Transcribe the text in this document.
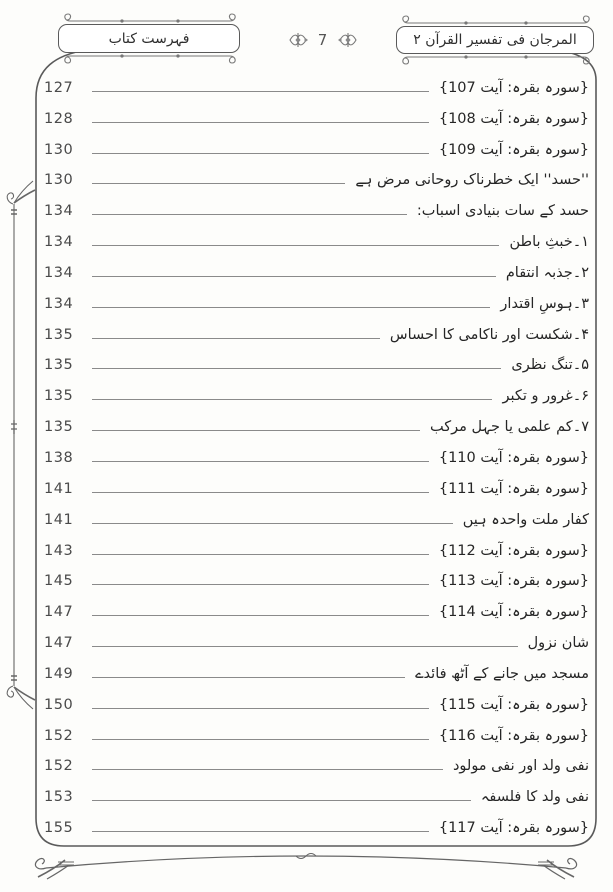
فہرست کتاب	7	المرجان فی تفسیر القرآن ۲
127	{سورہ بقرہ: آیت 107}
128	{سورہ بقرہ: آیت 108}
130	{سورہ بقرہ: آیت 109}
130	''حسد'' ایک خطرناک روحانی مرض ہے
134	حسد کے سات بنیادی اسباب:
134	۱۔خبثِ باطن
134	۲۔جذبہ انتقام
134	۳۔ہوسِ اقتدار
135	۴۔شکست اور ناکامی کا احساس
135	۵۔تنگ نظری
135	۶۔غرور و تکبر
135	۷۔کم علمی یا جہل مرکب
138	{سورہ بقرہ: آیت 110}
141	{سورہ بقرہ: آیت 111}
141	کفار ملت واحدہ ہیں
143	{سورہ بقرہ: آیت 112}
145	{سورہ بقرہ: آیت 113}
147	{سورہ بقرہ: آیت 114}
147	شان نزول
149	مسجد میں جانے کے آٹھ فائدے
150	{سورہ بقرہ: آیت 115}
152	{سورہ بقرہ: آیت 116}
152	نفی ولد اور نفی مولود
153	نفی ولد کا فلسفہ
155	{سورہ بقرہ: آیت 117}
